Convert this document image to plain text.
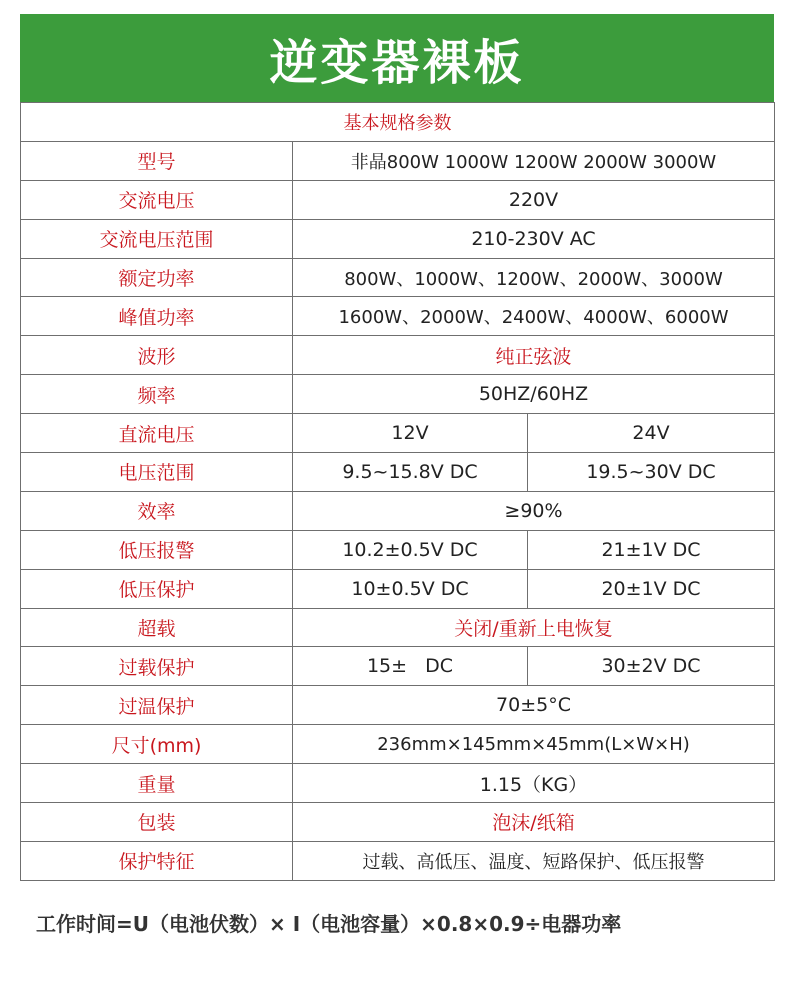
逆变器裸板
基本规格参数		
型号	非晶800W 1000W 1200W 2000W 3000W	
交流电压	220V	
交流电压范围	210-230V AC	
额定功率	800W、1000W、1200W、2000W、3000W	
峰值功率	1600W、2000W、2400W、4000W、6000W	
波形	纯正弦波	
频率	50HZ/60HZ	
直流电压	12V	24V
电压范围	9.5~15.8V DC	19.5~30V DC
效率	≥90%	
低压报警	10.2±0.5V DC	21±1V DC
低压保护	10±0.5V DC	20±1V DC
超载	关闭/重新上电恢复	
过载保护	15±   DC	30±2V DC
过温保护	70±5°C	
尺寸(mm)	236mm×145mm×45mm(L×W×H)	
重量	1.15（KG）	
包装	泡沫/纸箱	
保护特征	过载、高低压、温度、短路保护、低压报警	
工作时间=U（电池伏数）× I（电池容量）×0.8×0.9÷电器功率
